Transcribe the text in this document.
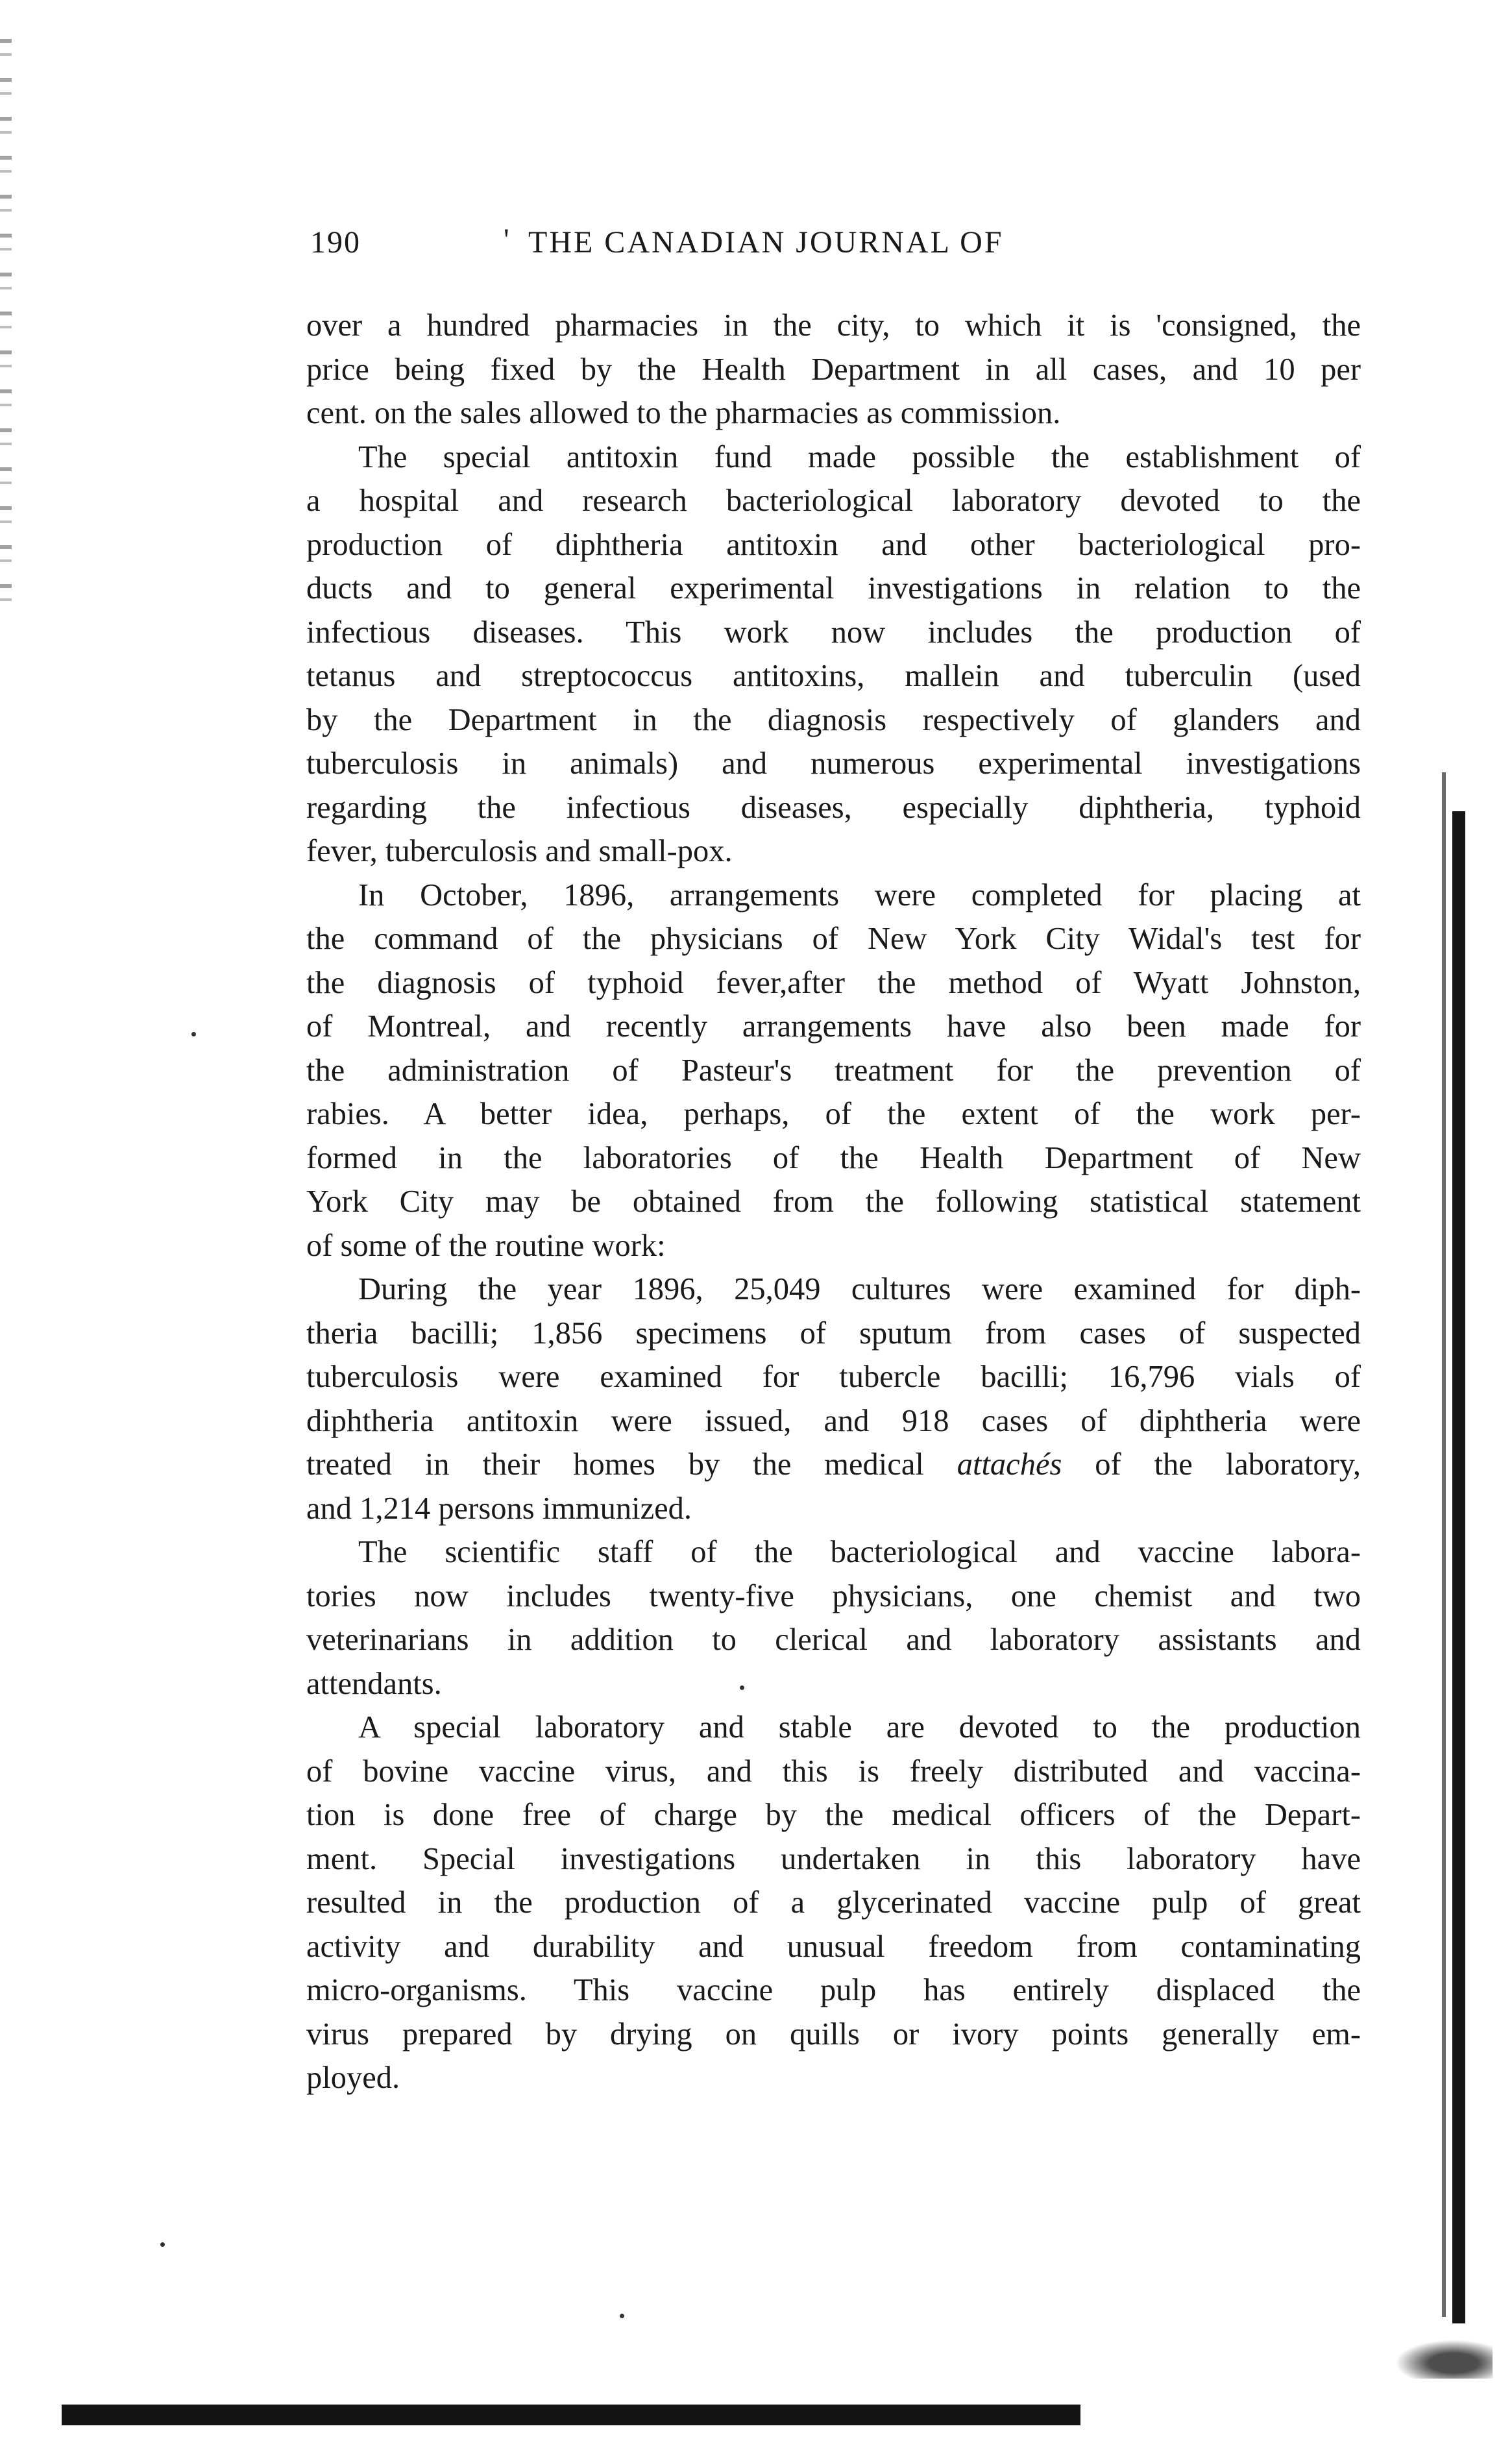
190	' THE CANADIAN JOURNAL OF

over a hundred pharmacies in the city, to which it is 'consigned, the
price being fixed by the Health Department in all cases, and 10 per
cent. on the sales allowed to the pharmacies as commission.

The special antitoxin fund made possible the establishment of
a hospital and research bacteriological laboratory devoted to the
production of diphtheria antitoxin and other bacteriological pro-
ducts and to general experimental investigations in relation to the
infectious diseases. This work now includes the production of
tetanus and streptococcus antitoxins, mallein and tuberculin (used
by the Department in the diagnosis respectively of glanders and
tuberculosis in animals) and numerous experimental investigations
regarding the infectious diseases, especially diphtheria, typhoid
fever, tuberculosis and small-pox.

In October, 1896, arrangements were completed for placing at
the command of the physicians of New York City Widal's test for
the diagnosis of typhoid fever,after the method of Wyatt Johnston,
of Montreal, and recently arrangements have also been made for
the administration of Pasteur's treatment for the prevention of
rabies. A better idea, perhaps, of the extent of the work per-
formed in the laboratories of the Health Department of New
York City may be obtained from the following statistical statement
of some of the routine work:

During the year 1896, 25,049 cultures were examined for diph-
theria bacilli; 1,856 specimens of sputum from cases of suspected
tuberculosis were examined for tubercle bacilli; 16,796 vials of
diphtheria antitoxin were issued, and 918 cases of diphtheria were
treated in their homes by the medical attachés of the laboratory,
and 1,214 persons immunized.

The scientific staff of the bacteriological and vaccine labora-
tories now includes twenty-five physicians, one chemist and two
veterinarians in addition to clerical and laboratory assistants and
attendants.

A special laboratory and stable are devoted to the production
of bovine vaccine virus, and this is freely distributed and vaccina-
tion is done free of charge by the medical officers of the Depart-
ment. Special investigations undertaken in this laboratory have
resulted in the production of a glycerinated vaccine pulp of great
activity and durability and unusual freedom from contaminating
micro-organisms. This vaccine pulp has entirely displaced the
virus prepared by drying on quills or ivory points generally em-
ployed.
